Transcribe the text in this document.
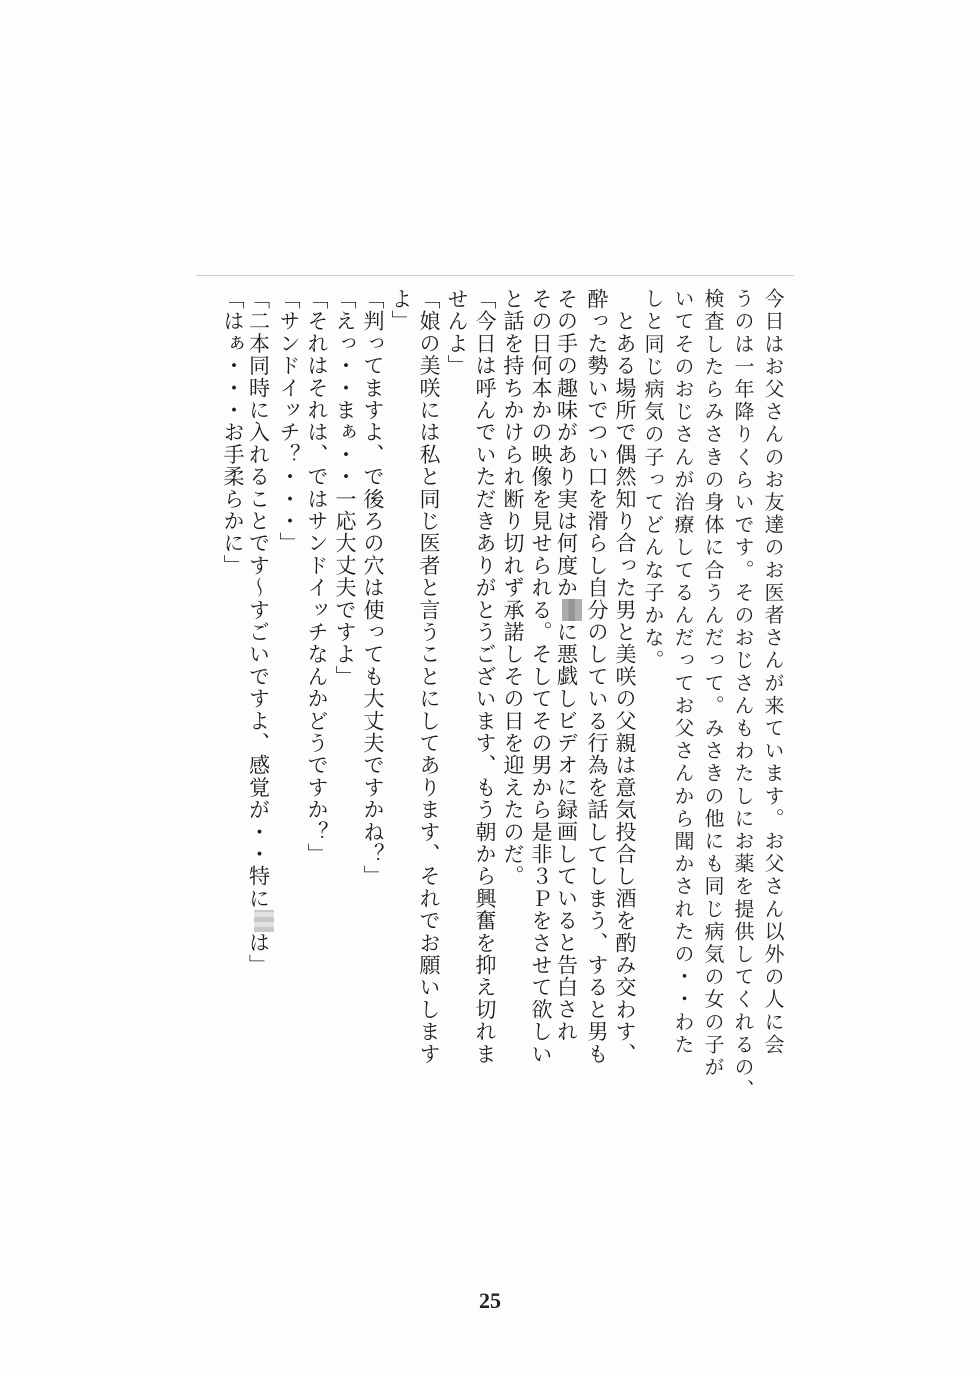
今日はお父さんのお友達のお医者さんが来ています。お父さん以外の人に会
うのは一年降りくらいです。そのおじさんもわたしにお薬を提供してくれるの、
検査したらみさきの身体に合うんだって。みさきの他にも同じ病気の女の子が
いてそのおじさんが治療してるんだってお父さんから聞かされたの・・わた
しと同じ病気の子ってどんな子かな。
　とある場所で偶然知り合った男と美咲の父親は意気投合し酒を酌み交わす、
酔った勢いでつい口を滑らし自分のしている行為を話してしまう、すると男も
その手の趣味があり実は何度かに悪戯しビデオに録画していると告白され
その日何本かの映像を見せられる。そしてその男から是非３Ｐをさせて欲しい
と話を持ちかけられ断り切れず承諾しその日を迎えたのだ。
「今日は呼んでいただきありがとうございます、もう朝から興奮を抑え切れま
せんよ」
「娘の美咲には私と同じ医者と言うことにしてあります、それでお願いします
よ」
「判ってますよ、で後ろの穴は使っても大丈夫ですかね？」
「えっ・・まぁ・・一応大丈夫ですよ」
「それはそれは、ではサンドイッチなんかどうですか？」
「サンドイッチ？・・・」
「二本同時に入れることです～すごいですよ、感覚が・・特には」
「はぁ・・・お手柔らかに」
25
